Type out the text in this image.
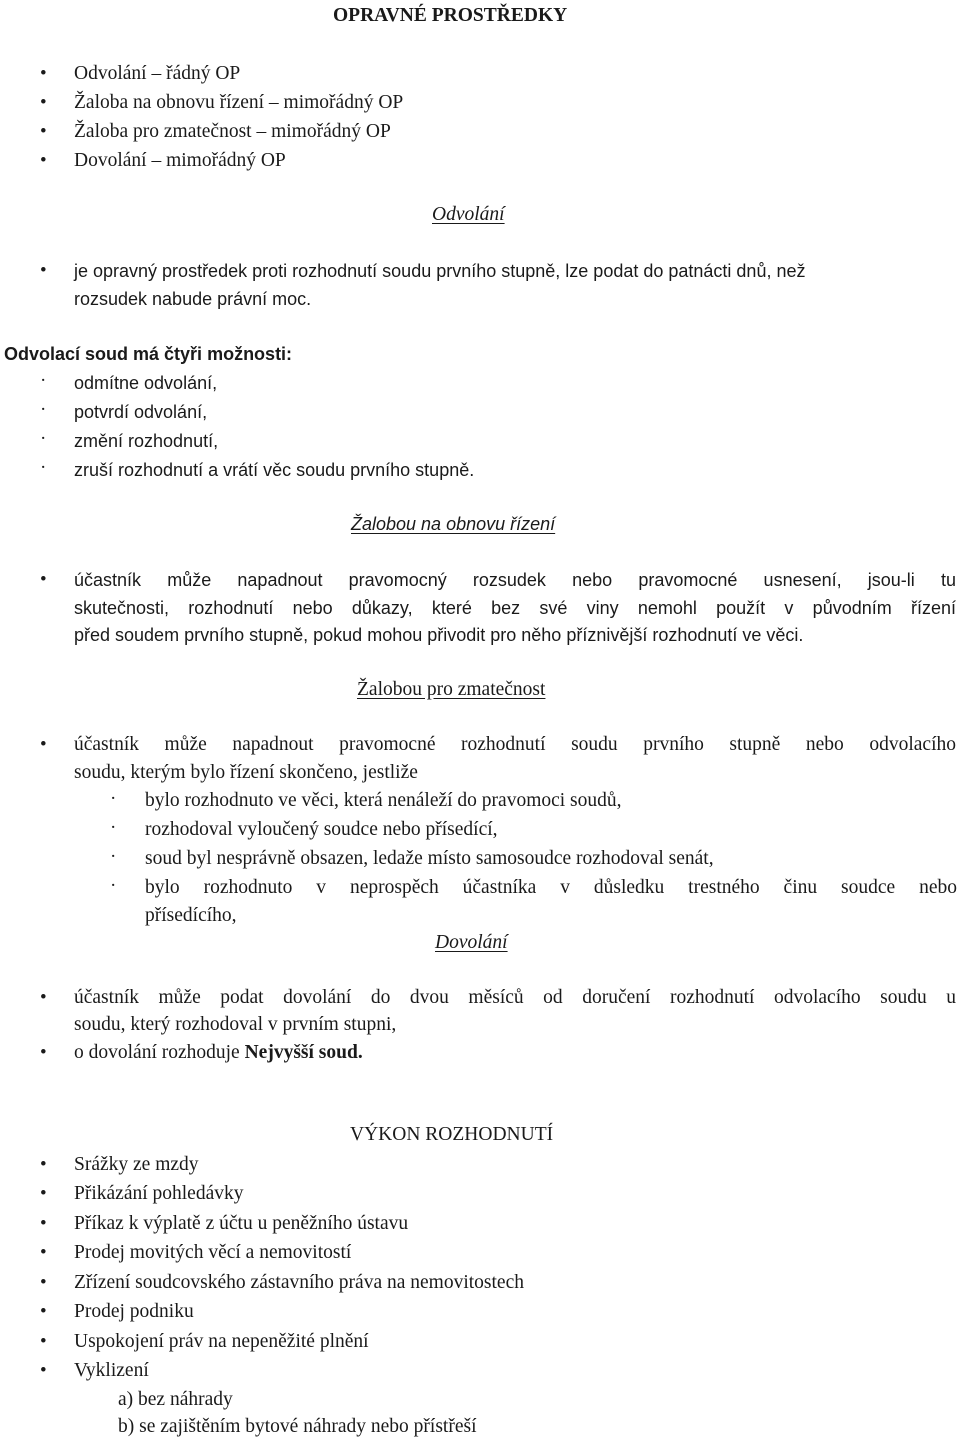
OPRAVNÉ PROSTŘEDKY
• Odvolání – řádný OP
• Žaloba na obnovu řízení – mimořádný OP
• Žaloba pro zmatečnost – mimořádný OP
• Dovolání – mimořádný OP
Odvolání
• je opravný prostředek proti rozhodnutí soudu prvního stupně, lze podat do patnácti dnů, než
rozsudek nabude právní moc.
Odvolací soud má čtyři možnosti:
· odmítne odvolání,
· potvrdí odvolání,
· změní rozhodnutí,
· zruší rozhodnutí a vrátí věc soudu prvního stupně.
Žalobou na obnovu řízení
• účastník může napadnout pravomocný rozsudek nebo pravomocné usnesení, jsou-li tu
skutečnosti, rozhodnutí nebo důkazy, které bez své viny nemohl použít v původním řízení
před soudem prvního stupně, pokud mohou přivodit pro něho příznivější rozhodnutí ve věci.
Žalobou pro zmatečnost
• účastník může napadnout pravomocné rozhodnutí soudu prvního stupně nebo odvolacího
soudu, kterým bylo řízení skončeno, jestliže
· bylo rozhodnuto ve věci, která nenáleží do pravomoci soudů,
· rozhodoval vyloučený soudce nebo přísedící,
· soud byl nesprávně obsazen, ledaže místo samosoudce rozhodoval senát,
· bylo rozhodnuto v neprospěch účastníka v důsledku trestného činu soudce nebo
přísedícího,
Dovolání
• účastník může podat dovolání do dvou měsíců od doručení rozhodnutí odvolacího soudu u
soudu, který rozhodoval v prvním stupni,
• o dovolání rozhoduje Nejvyšší soud.
VÝKON ROZHODNUTÍ
• Srážky ze mzdy
• Přikázání pohledávky
• Příkaz k výplatě z účtu u peněžního ústavu
• Prodej movitých věcí a nemovitostí
• Zřízení soudcovského zástavního práva na nemovitostech
• Prodej podniku
• Uspokojení práv na nepeněžité plnění
• Vyklizení
a) bez náhrady
b) se zajištěním bytové náhrady nebo přístřeší
